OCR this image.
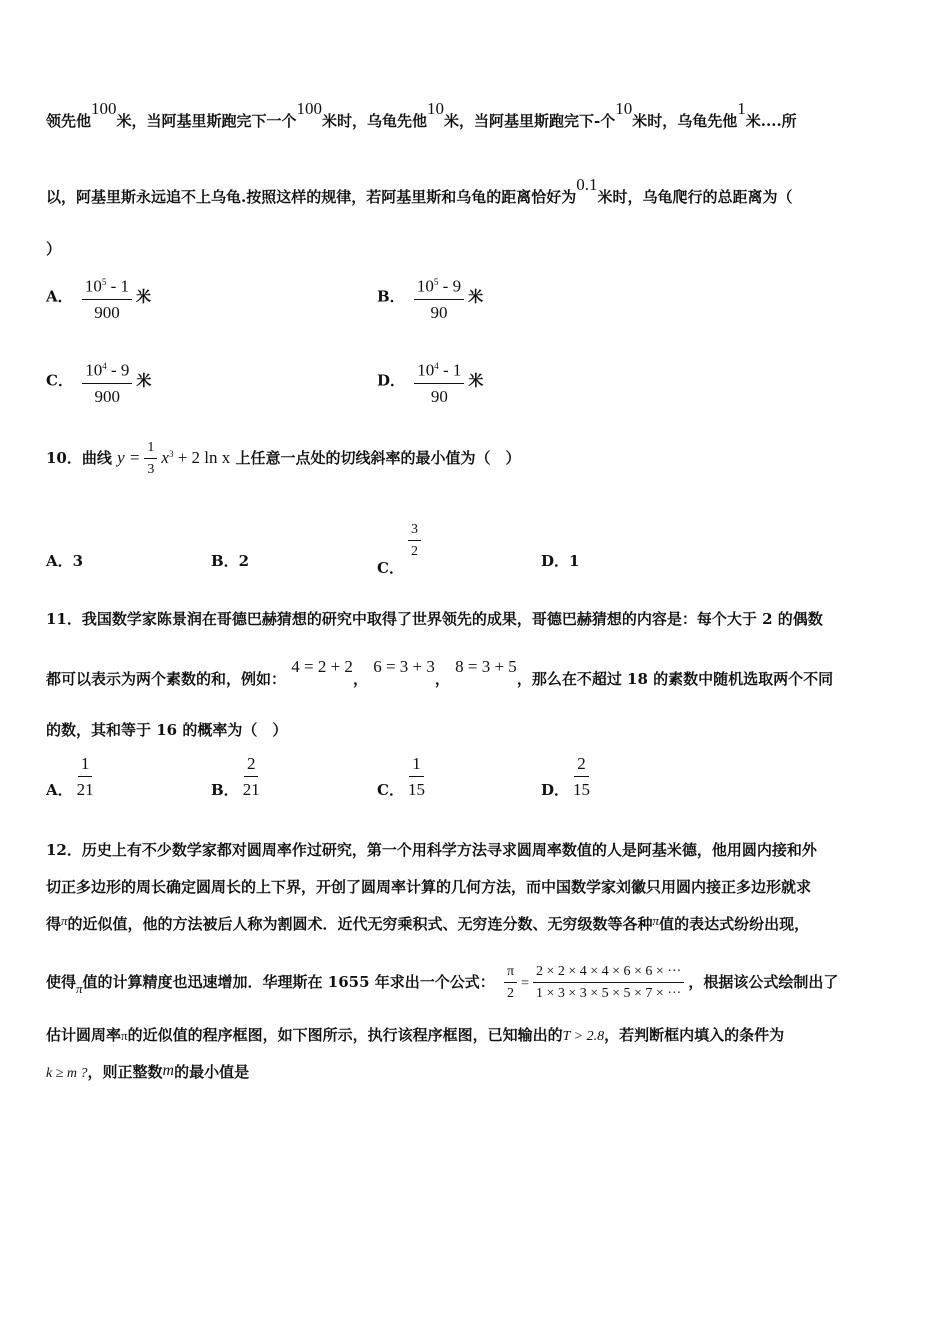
领先他100米，当阿基里斯跑完下一个100米时，乌龟先他10米，当阿基里斯跑完下-个10米时，乌龟先他1米....所
以，阿基里斯永远追不上乌龟.按照这样的规律，若阿基里斯和乌龟的距离恰好为0.1米时，乌龟爬行的总距离为（
）
A． $\frac{10^5 - 1}{900}$ 米	B． $\frac{10^5 - 9}{90}$ 米
C． $\frac{10^4 - 9}{900}$ 米	D． $\frac{10^4 - 1}{90}$ 米
10．曲线 $y = \frac{1}{3} x^3 + 2$ ln x 上任意一点处的切线斜率的最小值为（　）
A．3	B．2	C．
$\frac{3}{2}$
D．1
11．我国数学家陈景润在哥德巴赫猜想的研究中取得了世界领先的成果，哥德巴赫猜想的内容是：每个大于 2 的偶数
都可以表示为两个素数的和，例如： 4 = 2 + 2， 6 = 3 + 3， 8 = 3 + 5，那么在不超过 18 的素数中随机选取两个不同
的数，其和等于 16 的概率为（　）
A． $\frac{1}{21}$	B． $\frac{2}{21}$	C． $\frac{1}{15}$	D． $\frac{2}{15}$
12．历史上有不少数学家都对圆周率作过研究，第一个用科学方法寻求圆周率数值的人是阿基米德，他用圆内接和外
切正多边形的周长确定圆周长的上下界，开创了圆周率计算的几何方法，而中国数学家刘徽只用圆内接正多边形就求
得π的近似值，他的方法被后人称为割圆术．近代无穷乘积式、无穷连分数、无穷级数等各种π值的表达式纷纷出现，
使得π值的计算精度也迅速增加．华理斯在 1655 年求出一个公式： $\frac{\pi}{2} = \frac{2 \times 2 \times 4 \times 4 \times 6 \times 6 \times \cdot\cdot\cdot}{1 \times 3 \times 3 \times 5 \times 5 \times 7 \times \cdot\cdot\cdot}$ ，根据该公式绘制出了
估计圆周率π的近似值的程序框图，如下图所示，执行该程序框图，已知输出的T > 2.8，若判断框内填入的条件为
k ≥ m ?，则正整数m的最小值是
